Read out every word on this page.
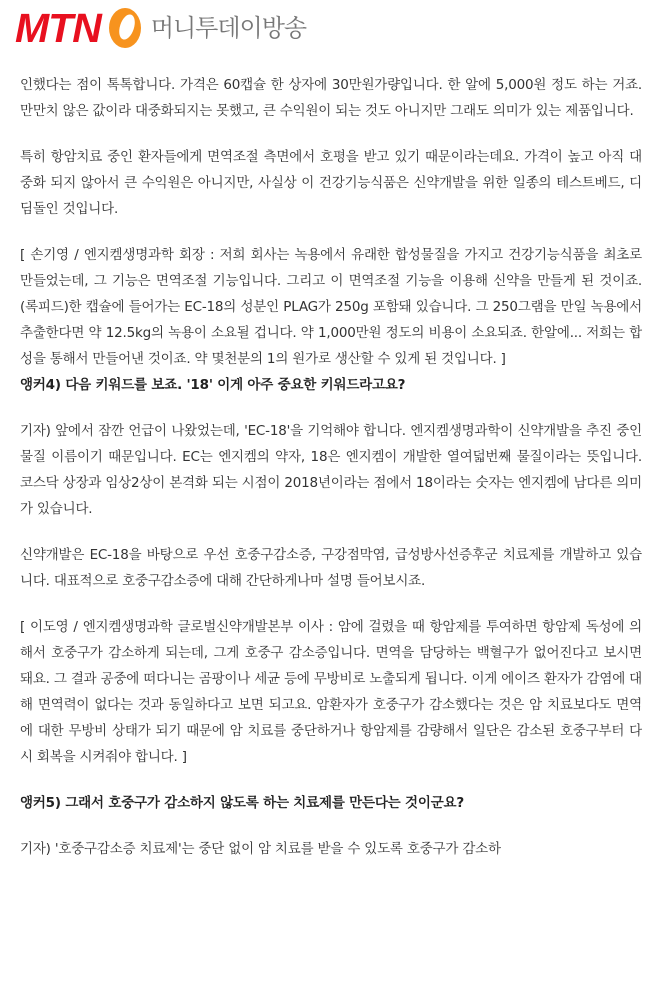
MTN 머니투데이방송

인했다는 점이 톡톡합니다. 가격은 60캡슐 한 상자에 30만원가량입니다. 한 알에 5,000원 정도 하는 거죠. 만만치 않은 값이라 대중화되지는 못했고, 큰 수익원이 되는 것도 아니지만 그래도 의미가 있는 제품입니다.

특히 항암치료 중인 환자들에게 면역조절 측면에서 호평을 받고 있기 때문이라는데요. 가격이 높고 아직 대중화 되지 않아서 큰 수익원은 아니지만, 사실상 이 건강기능식품은 신약개발을 위한 일종의 테스트베드, 디딤돌인 것입니다.

[ 손기영 / 엔지켐생명과학 회장 : 저희 회사는 녹용에서 유래한 합성물질을 가지고 건강기능식품을 최초로 만들었는데, 그 기능은 면역조절 기능입니다. 그리고 이 면역조절 기능을 이용해 신약을 만들게 된 것이죠. (록피드)한 캡슐에 들어가는 EC-18의 성분인 PLAG가 250g 포함돼 있습니다. 그 250그램을 만일 녹용에서 추출한다면 약 12.5kg의 녹용이 소요될 겁니다. 약 1,000만원 정도의 비용이 소요되죠. 한알에... 저희는 합성을 통해서 만들어낸 것이죠. 약 몇천분의 1의 원가로 생산할 수 있게 된 것입니다. ]

앵커4) 다음 키워드를 보죠. '18' 이게 아주 중요한 키워드라고요?

기자) 앞에서 잠깐 언급이 나왔었는데, 'EC-18'을 기억해야 합니다. 엔지켐생명과학이 신약개발을 추진 중인 물질 이름이기 때문입니다. EC는 엔지켐의 약자, 18은 엔지켐이 개발한 열여덟번째 물질이라는 뜻입니다. 코스닥 상장과 임상2상이 본격화 되는 시점이 2018년이라는 점에서 18이라는 숫자는 엔지켐에 남다른 의미가 있습니다.

신약개발은 EC-18을 바탕으로 우선 호중구감소증, 구강점막염, 급성방사선증후군 치료제를 개발하고 있습니다. 대표적으로 호중구감소증에 대해 간단하게나마 설명 들어보시죠.

[ 이도영 / 엔지켐생명과학 글로벌신약개발본부 이사 : 암에 걸렸을 때 항암제를 투여하면 항암제 독성에 의해서 호중구가 감소하게 되는데, 그게 호중구 감소증입니다. 면역을 담당하는 백혈구가 없어진다고 보시면 돼요. 그 결과 공중에 떠다니는 곰팡이나 세균 등에 무방비로 노출되게 됩니다. 이게 에이즈 환자가 감염에 대해 면역력이 없다는 것과 동일하다고 보면 되고요. 암환자가 호중구가 감소했다는 것은 암 치료보다도 면역에 대한 무방비 상태가 되기 때문에 암 치료를 중단하거나 항암제를 감량해서 일단은 감소된 호중구부터 다시 회복을 시켜줘야 합니다. ]

앵커5) 그래서 호중구가 감소하지 않도록 하는 치료제를 만든다는 것이군요?

기자) '호중구감소증 치료제'는 중단 없이 암 치료를 받을 수 있도록 호중구가 감소하
